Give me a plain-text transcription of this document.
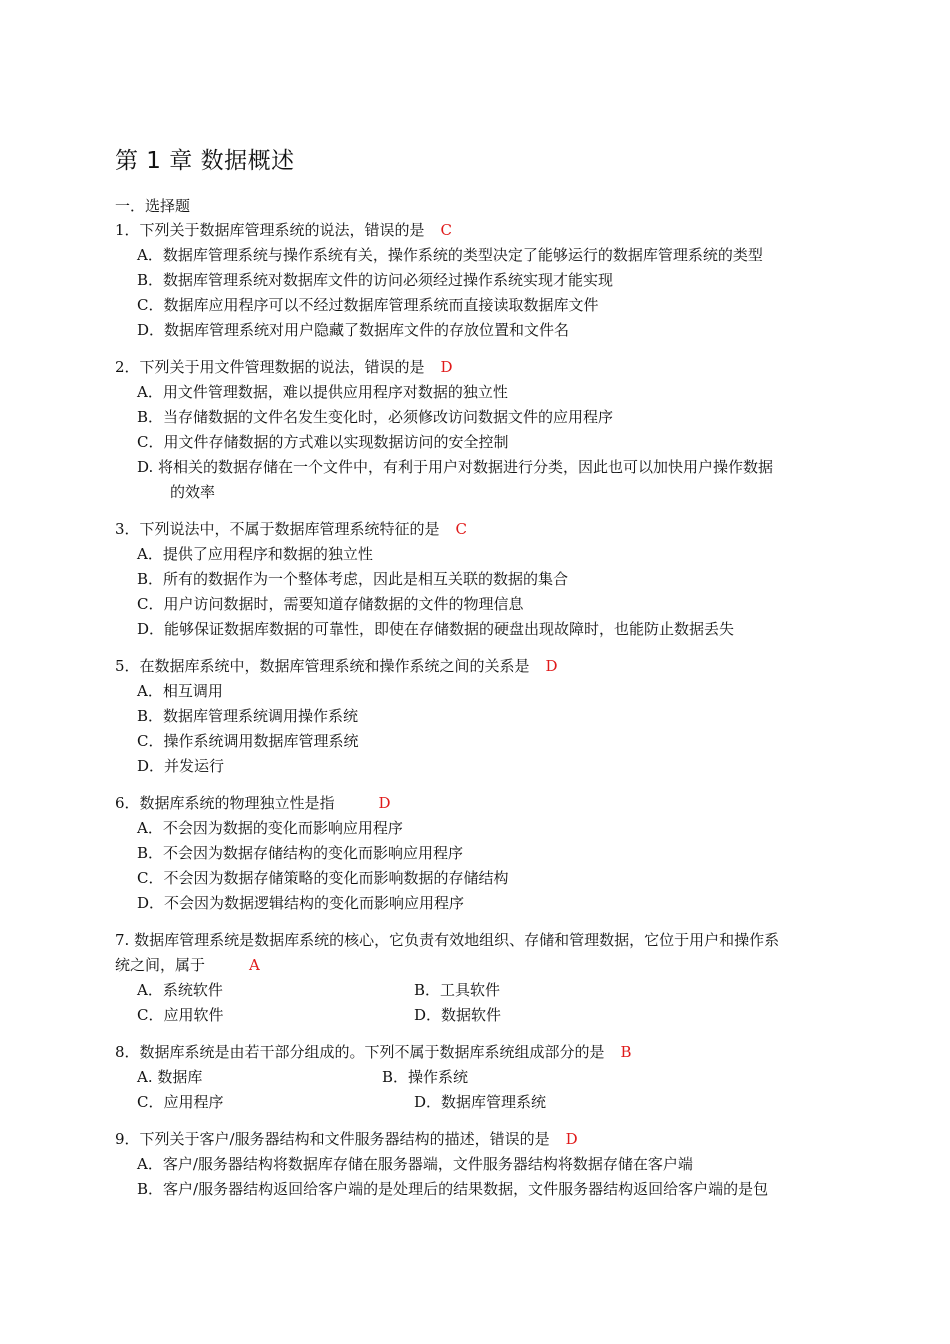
第 1 章 数据概述
一．选择题
1．下列关于数据库管理系统的说法，错误的是 C
A．数据库管理系统与操作系统有关，操作系统的类型决定了能够运行的数据库管理系统的类型
B．数据库管理系统对数据库文件的访问必须经过操作系统实现才能实现
C．数据库应用程序可以不经过数据库管理系统而直接读取数据库文件
D．数据库管理系统对用户隐藏了数据库文件的存放位置和文件名
2．下列关于用文件管理数据的说法，错误的是 D
A．用文件管理数据，难以提供应用程序对数据的独立性
B．当存储数据的文件名发生变化时，必须修改访问数据文件的应用程序
C．用文件存储数据的方式难以实现数据访问的安全控制
D. 将相关的数据存储在一个文件中，有利于用户对数据进行分类，因此也可以加快用户操作数据
的效率
3．下列说法中，不属于数据库管理系统特征的是 C
A．提供了应用程序和数据的独立性
B．所有的数据作为一个整体考虑，因此是相互关联的数据的集合
C．用户访问数据时，需要知道存储数据的文件的物理信息
D．能够保证数据库数据的可靠性，即使在存储数据的硬盘出现故障时，也能防止数据丢失
5．在数据库系统中，数据库管理系统和操作系统之间的关系是 D
A．相互调用
B．数据库管理系统调用操作系统
C．操作系统调用数据库管理系统
D．并发运行
6．数据库系统的物理独立性是指	D
A．不会因为数据的变化而影响应用程序
B．不会因为数据存储结构的变化而影响应用程序
C．不会因为数据存储策略的变化而影响数据的存储结构
D．不会因为数据逻辑结构的变化而影响应用程序
7. 数据库管理系统是数据库系统的核心，它负责有效地组织、存储和管理数据，它位于用户和操作系
统之间，属于	A
A．系统软件	B．工具软件
C．应用软件	D．数据软件
8．数据库系统是由若干部分组成的。下列不属于数据库系统组成部分的是 B
A. 数据库	B．操作系统
C．应用程序	D．数据库管理系统
9．下列关于客户/服务器结构和文件服务器结构的描述，错误的是 D
A．客户/服务器结构将数据库存储在服务器端，文件服务器结构将数据存储在客户端
B．客户/服务器结构返回给客户端的是处理后的结果数据，文件服务器结构返回给客户端的是包
